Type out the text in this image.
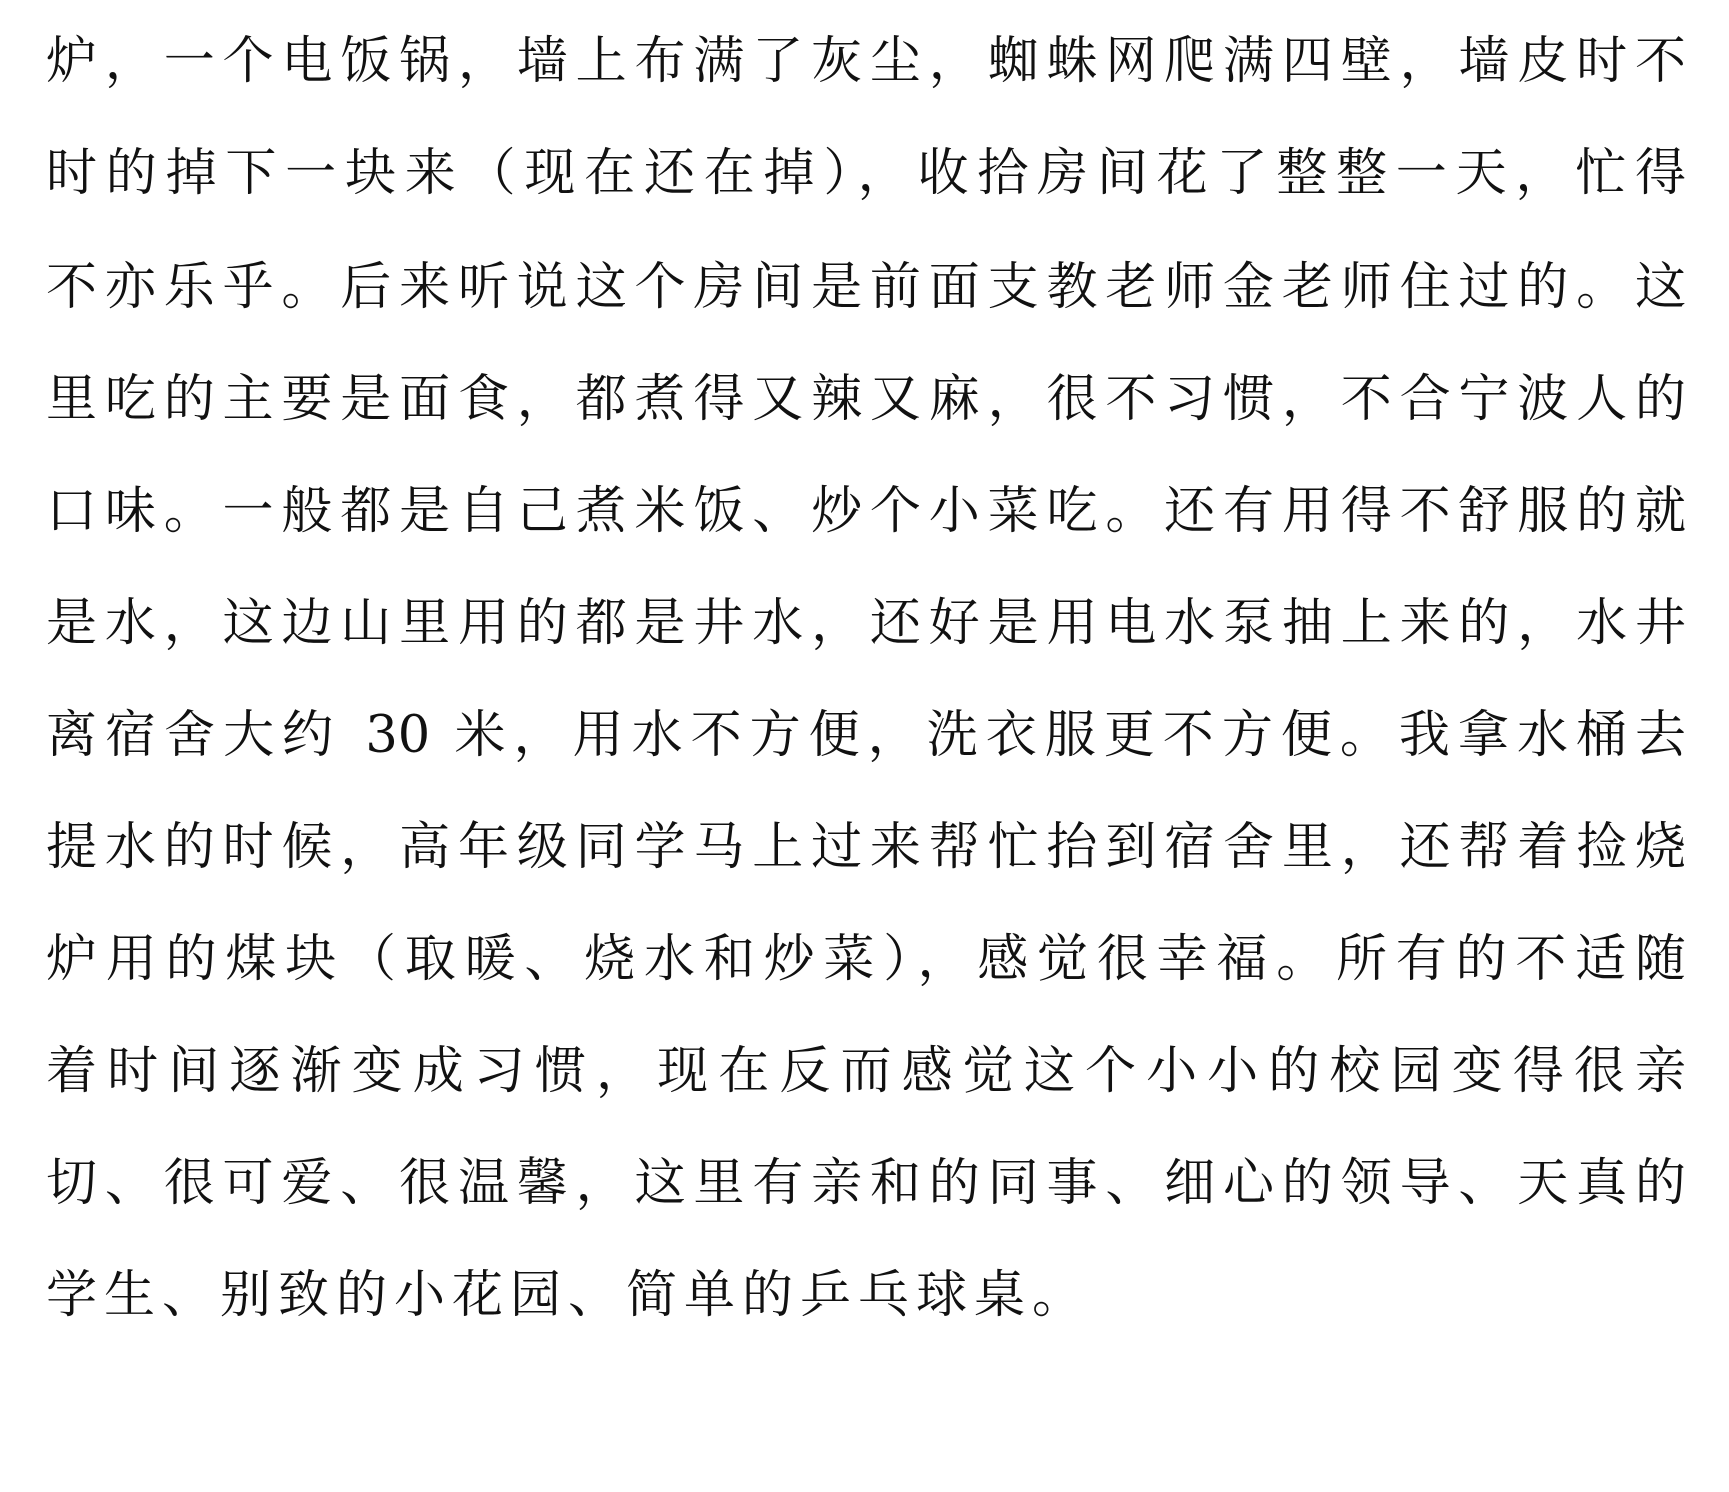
炉，一个电饭锅，墙上布满了灰尘，蜘蛛网爬满四壁，墙皮时不
时的掉下一块来（现在还在掉），收拾房间花了整整一天，忙得
不亦乐乎。后来听说这个房间是前面支教老师金老师住过的。这
里吃的主要是面食，都煮得又辣又麻，很不习惯，不合宁波人的
口味。一般都是自己煮米饭、炒个小菜吃。还有用得不舒服的就
是水，这边山里用的都是井水，还好是用电水泵抽上来的，水井
离宿舍大约 30 米，用水不方便，洗衣服更不方便。我拿水桶去
提水的时候，高年级同学马上过来帮忙抬到宿舍里，还帮着捡烧
炉用的煤块（取暖、烧水和炒菜），感觉很幸福。所有的不适随
着时间逐渐变成习惯，现在反而感觉这个小小的校园变得很亲
切、很可爱、很温馨，这里有亲和的同事、细心的领导、天真的
学生、别致的小花园、简单的乒乓球桌。
